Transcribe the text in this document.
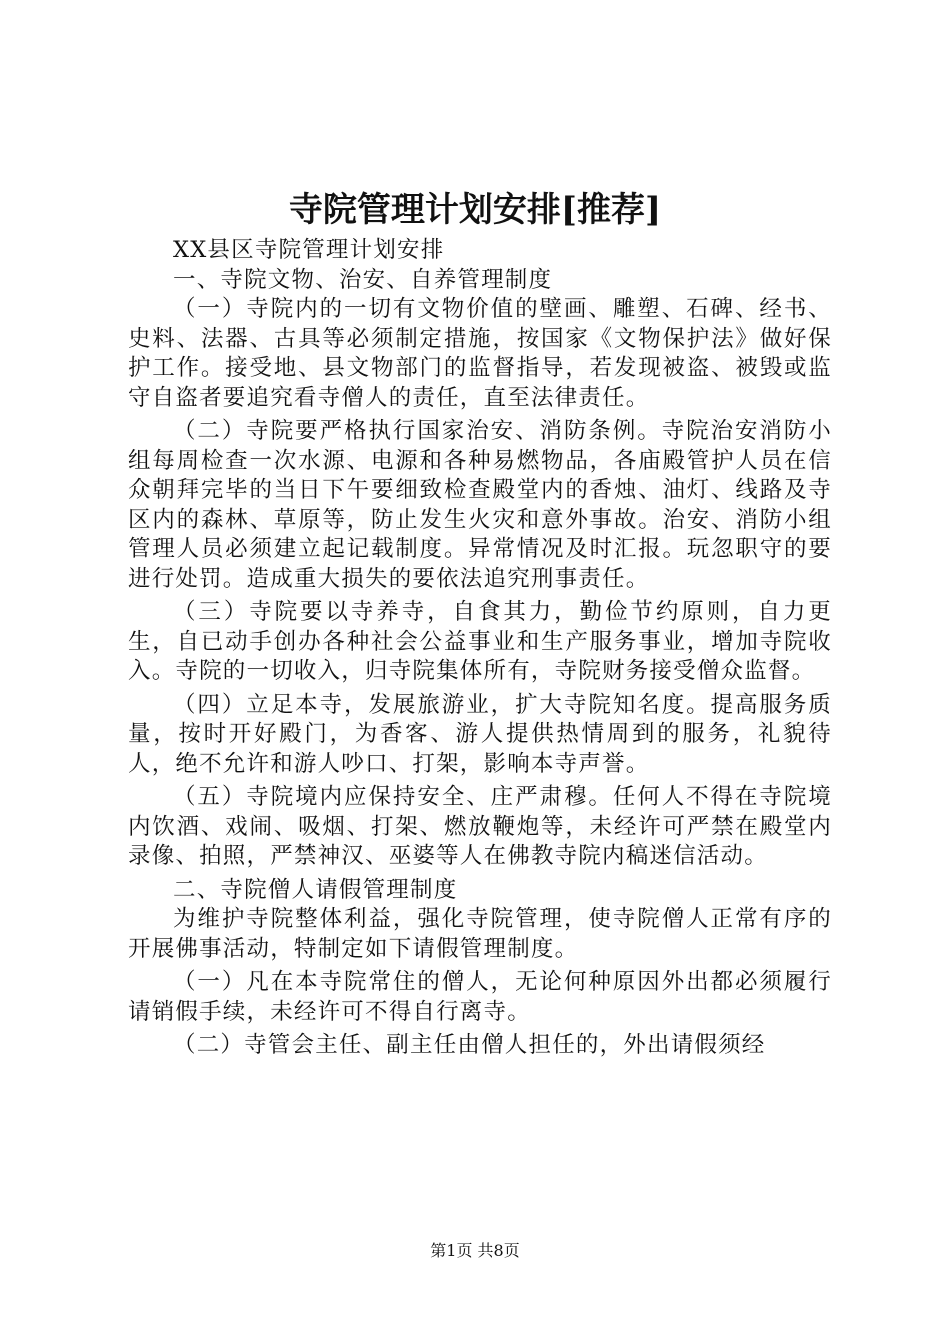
寺院管理计划安排[推荐]

XX县区寺院管理计划安排

一、寺院文物、治安、自养管理制度

（一）寺院内的一切有文物价值的壁画、雕塑、石碑、经书、史料、法器、古具等必须制定措施，按国家《文物保护法》做好保护工作。接受地、县文物部门的监督指导，若发现被盗、被毁或监守自盗者要追究看寺僧人的责任，直至法律责任。

（二）寺院要严格执行国家治安、消防条例。寺院治安消防小组每周检查一次水源、电源和各种易燃物品，各庙殿管护人员在信众朝拜完毕的当日下午要细致检查殿堂内的香烛、油灯、线路及寺区内的森林、草原等，防止发生火灾和意外事故。治安、消防小组管理人员必须建立起记载制度。异常情况及时汇报。玩忽职守的要进行处罚。造成重大损失的要依法追究刑事责任。

（三）寺院要以寺养寺，自食其力，勤俭节约原则，自力更生，自已动手创办各种社会公益事业和生产服务事业，增加寺院收入。寺院的一切收入，归寺院集体所有，寺院财务接受僧众监督。

（四）立足本寺，发展旅游业，扩大寺院知名度。提高服务质量，按时开好殿门，为香客、游人提供热情周到的服务，礼貌待人，绝不允许和游人吵口、打架，影响本寺声誉。

（五）寺院境内应保持安全、庄严肃穆。任何人不得在寺院境内饮酒、戏闹、吸烟、打架、燃放鞭炮等，未经许可严禁在殿堂内录像、拍照，严禁神汉、巫婆等人在佛教寺院内稿迷信活动。

二、寺院僧人请假管理制度

为维护寺院整体利益，强化寺院管理，使寺院僧人正常有序的开展佛事活动，特制定如下请假管理制度。

（一）凡在本寺院常住的僧人，无论何种原因外出都必须履行请销假手续，未经许可不得自行离寺。

（二）寺管会主任、副主任由僧人担任的，外出请假须经

第1页 共8页
